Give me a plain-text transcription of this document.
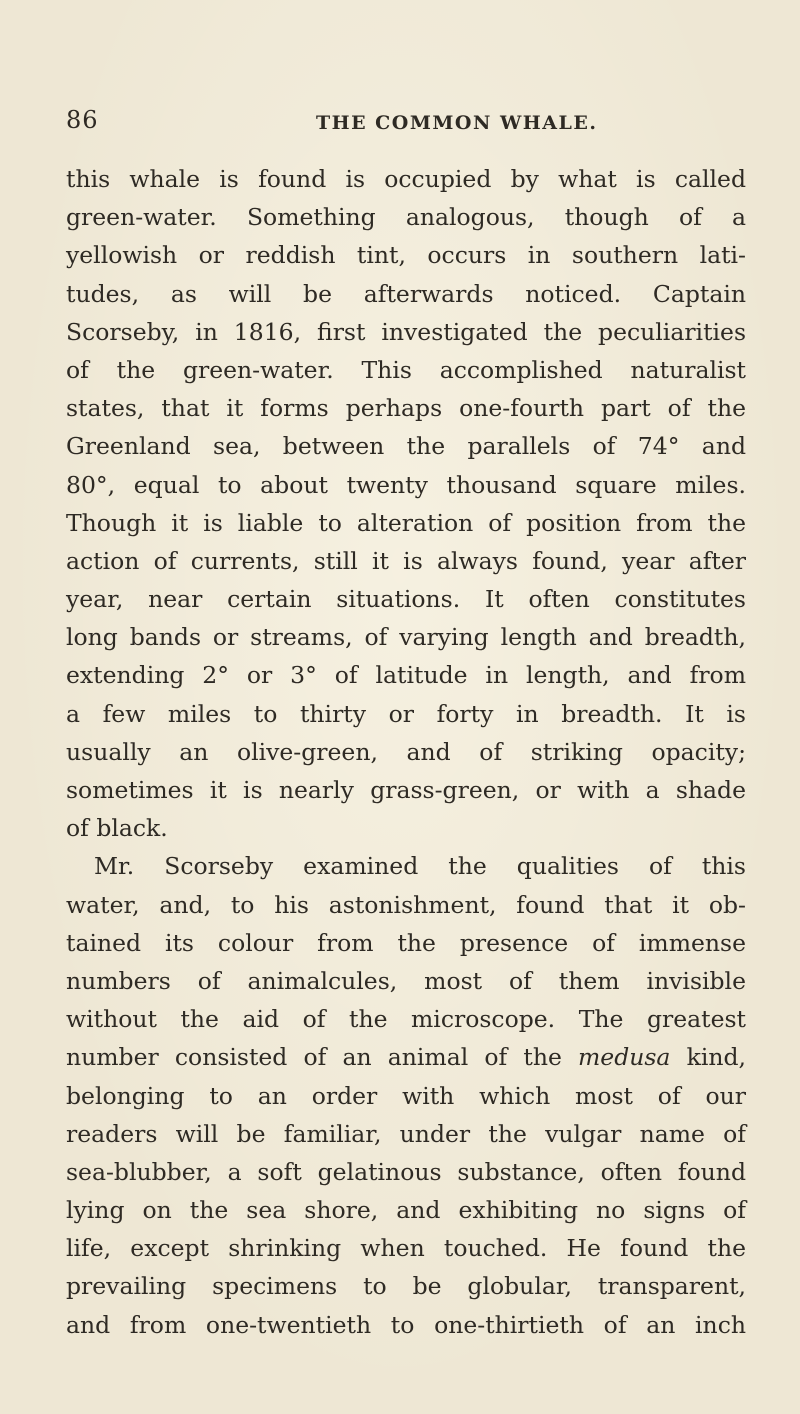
86	THE COMMON WHALE.
this whale is found is occupied by what is called
green-water. Something analogous, though of a
yellowish or reddish tint, occurs in southern lati-
tudes, as will be afterwards noticed. Captain
Scorseby, in 1816, first investigated the peculiarities
of the green-water. This accomplished naturalist
states, that it forms perhaps one-fourth part of the
Greenland sea, between the parallels of 74° and
80°, equal to about twenty thousand square miles.
Though it is liable to alteration of position from the
action of currents, still it is always found, year after
year, near certain situations. It often constitutes
long bands or streams, of varying length and breadth,
extending 2° or 3° of latitude in length, and from
a few miles to thirty or forty in breadth. It is
usually an olive-green, and of striking opacity;
sometimes it is nearly grass-green, or with a shade
of black.
Mr. Scorseby examined the qualities of this
water, and, to his astonishment, found that it ob-
tained its colour from the presence of immense
numbers of animalcules, most of them invisible
without the aid of the microscope. The greatest
number consisted of an animal of the medusa kind,
belonging to an order with which most of our
readers will be familiar, under the vulgar name of
sea-blubber, a soft gelatinous substance, often found
lying on the sea shore, and exhibiting no signs of
life, except shrinking when touched. He found the
prevailing specimens to be globular, transparent,
and from one-twentieth to one-thirtieth of an inch
